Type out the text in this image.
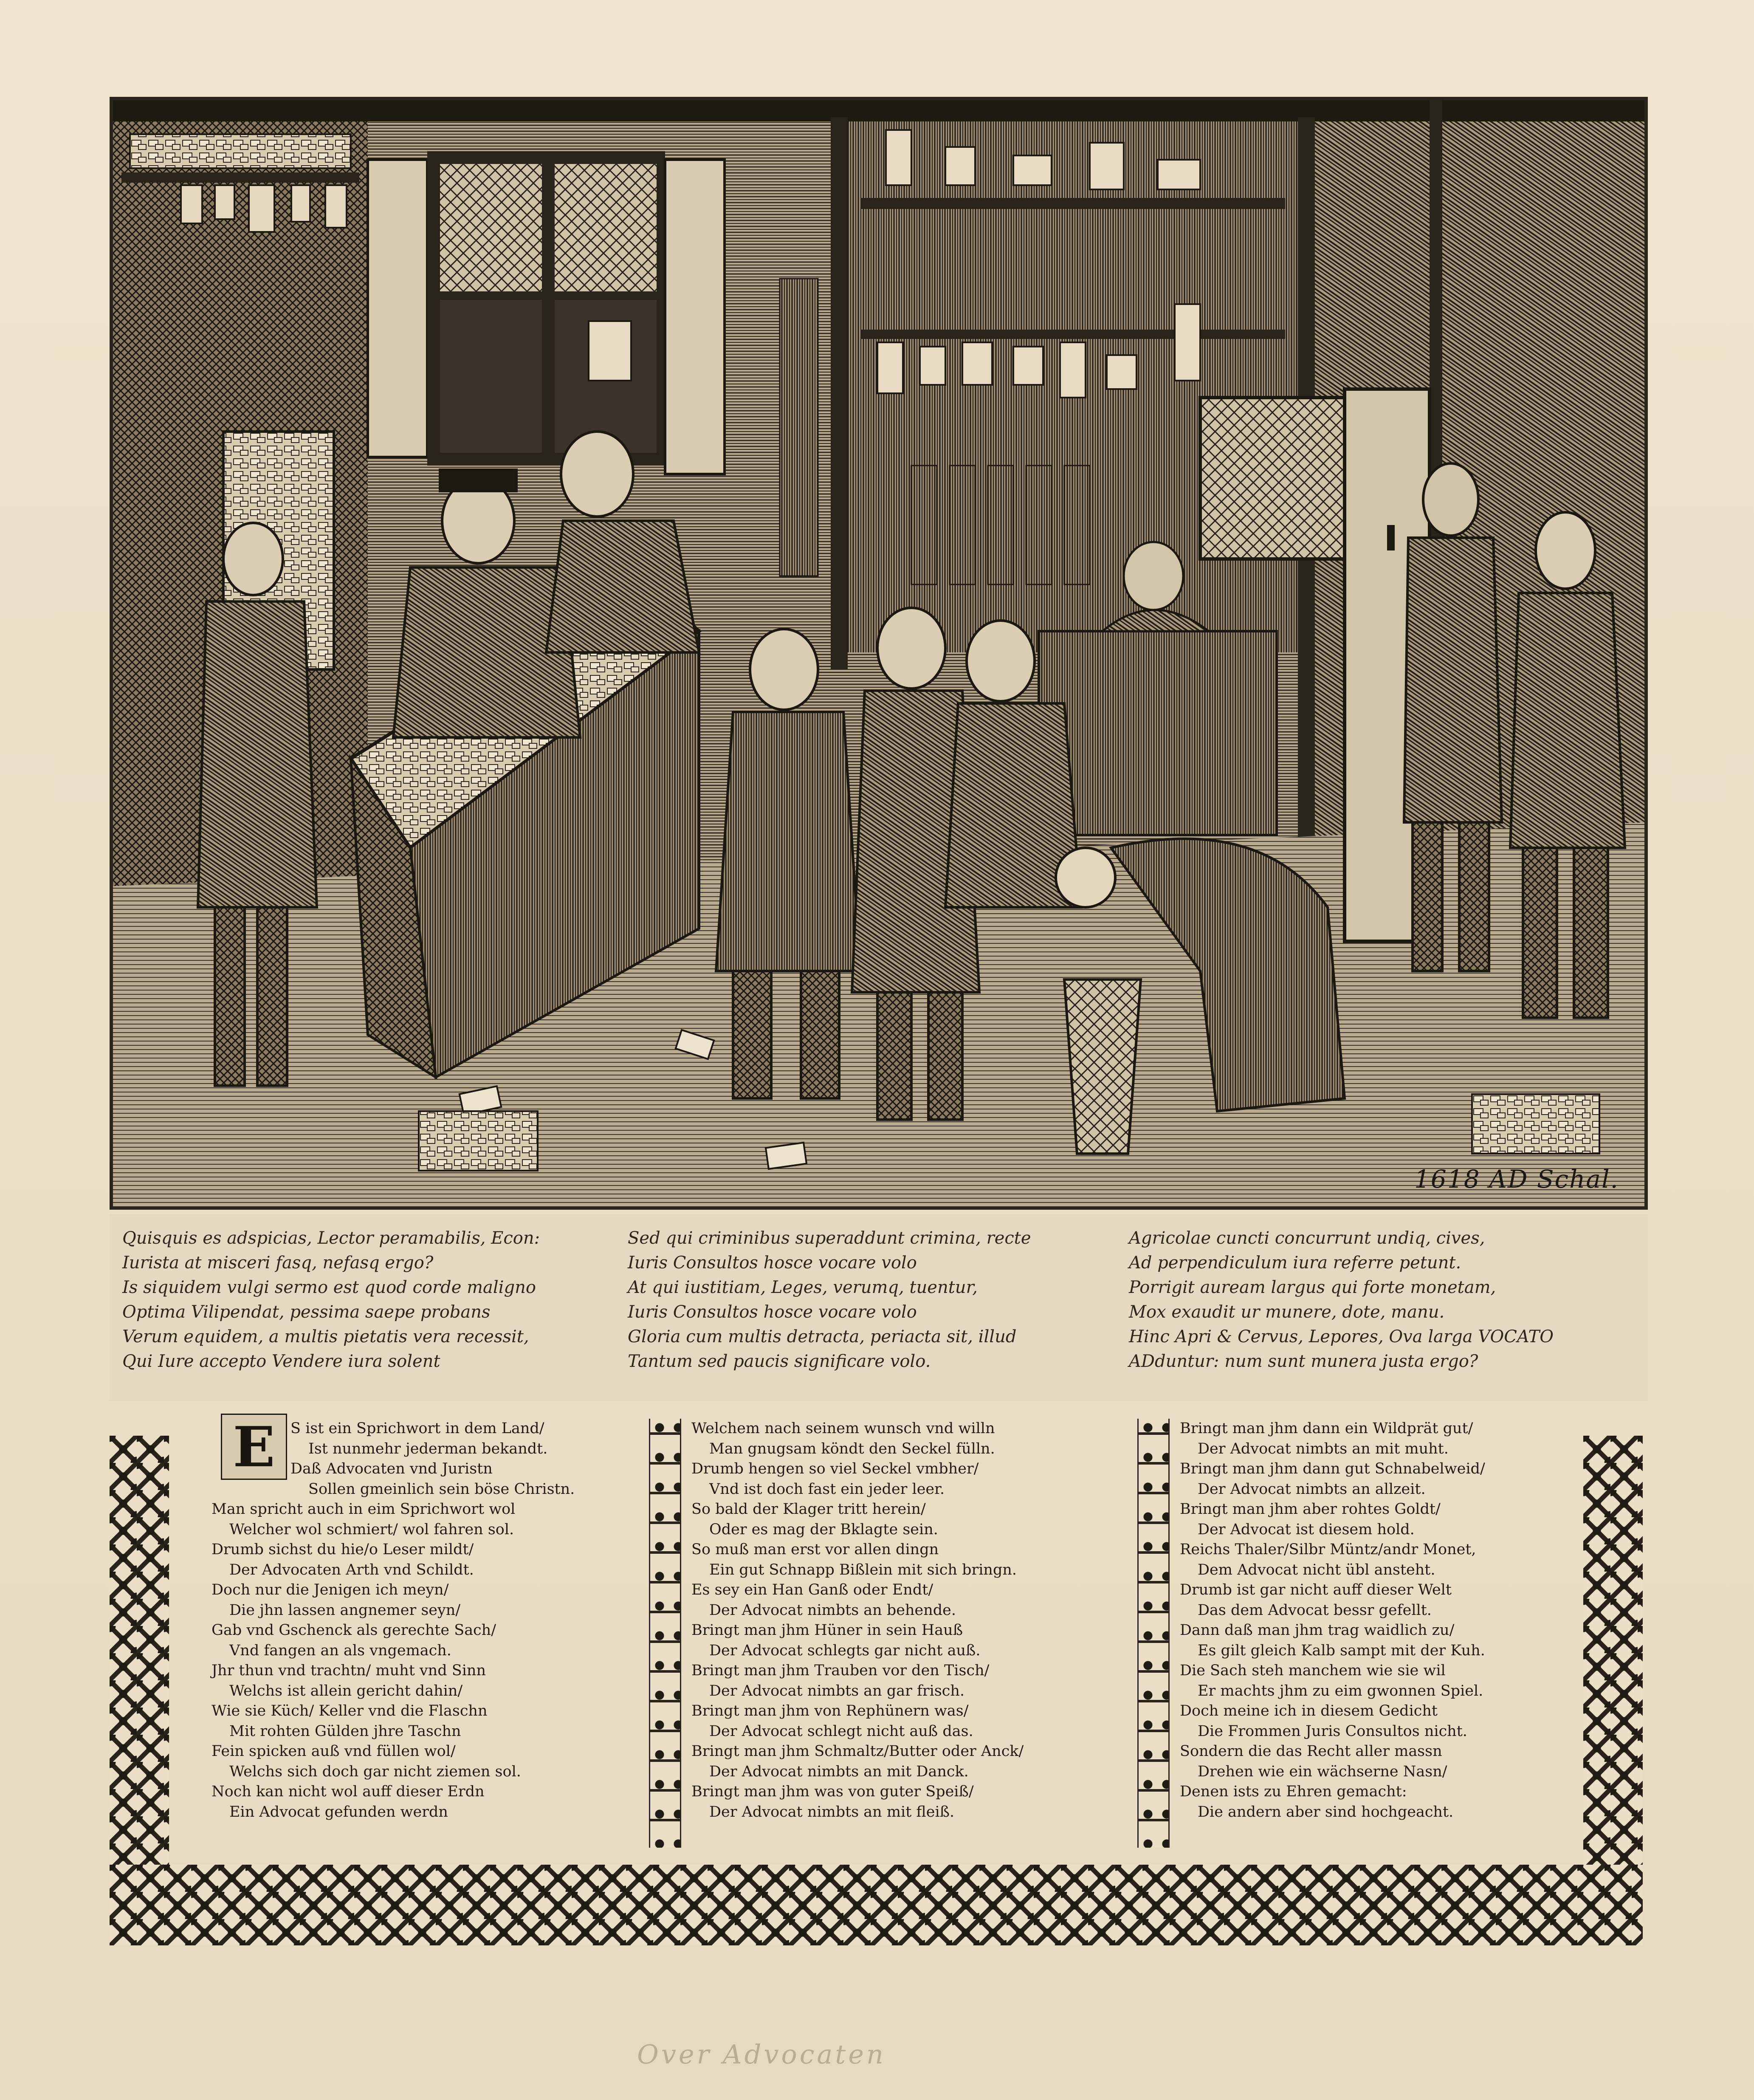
1618 AD Schal.
Quisquis es adspicias, Lector peramabilis, Econ:
Iurista at misceri fasq, nefasq ergo?
Is siquidem vulgi sermo est quod corde maligno
Optima Vilipendat, pessima saepe probans
Verum equidem, a multis pietatis vera recessit,
Qui Iure accepto Vendere iura solent
Sed qui criminibus superaddunt crimina, recte
Iuris Consultos hosce vocare volo
At qui iustitiam, Leges, verumq, tuentur,
Iuris Consultos hosce vocare volo
Gloria cum multis detracta, periacta sit, illud
Tantum sed paucis significare volo.
Agricolae cuncti concurrunt undiq, cives,
Ad perpendiculum iura referre petunt.
Porrigit auream largus qui forte monetam,
Mox exaudit ur munere, dote, manu.
Hinc Apri & Cervus, Lepores, Ova larga VOCATO
ADduntur: num sunt munera justa ergo?
E	S ist ein Sprichwort in dem Land/
Ist nunmehr jederman bekandt.
Daß Advocaten vnd Juristn
Sollen gmeinlich sein böse Christn.
Man spricht auch in eim Sprichwort wol
Welcher wol schmiert/ wol fahren sol.
Drumb sichst du hie/o Leser mildt/
Der Advocaten Arth vnd Schildt.
Doch nur die Jenigen ich meyn/
Die jhn lassen angnemer seyn/
Gab vnd Gschenck als gerechte Sach/
Vnd fangen an als vngemach.
Jhr thun vnd trachtn/ muht vnd Sinn
Welchs ist allein gericht dahin/
Wie sie Küch/ Keller vnd die Flaschn
Mit rohten Gülden jhre Taschn
Fein spicken auß vnd füllen wol/
Welchs sich doch gar nicht ziemen sol.
Noch kan nicht wol auff dieser Erdn
Ein Advocat gefunden werdn
Welchem nach seinem wunsch vnd willn
Man gnugsam köndt den Seckel fülln.
Drumb hengen so viel Seckel vmbher/
Vnd ist doch fast ein jeder leer.
So bald der Klager tritt herein/
Oder es mag der Bklagte sein.
So muß man erst vor allen dingn
Ein gut Schnapp Bißlein mit sich bringn.
Es sey ein Han Ganß oder Endt/
Der Advocat nimbts an behende.
Bringt man jhm Hüner in sein Hauß
Der Advocat schlegts gar nicht auß.
Bringt man jhm Trauben vor den Tisch/
Der Advocat nimbts an gar frisch.
Bringt man jhm von Rephünern was/
Der Advocat schlegt nicht auß das.
Bringt man jhm Schmaltz/Butter oder Anck/
Der Advocat nimbts an mit Danck.
Bringt man jhm was von guter Speiß/
Der Advocat nimbts an mit fleiß.
Bringt man jhm dann ein Wildprät gut/
Der Advocat nimbts an mit muht.
Bringt man jhm dann gut Schnabelweid/
Der Advocat nimbts an allzeit.
Bringt man jhm aber rohtes Goldt/
Der Advocat ist diesem hold.
Reichs Thaler/Silbr Müntz/andr Monet,
Dem Advocat nicht übl ansteht.
Drumb ist gar nicht auff dieser Welt
Das dem Advocat bessr gefellt.
Dann daß man jhm trag waidlich zu/
Es gilt gleich Kalb sampt mit der Kuh.
Die Sach steh manchem wie sie wil
Er machts jhm zu eim gwonnen Spiel.
Doch meine ich in diesem Gedicht
Die Frommen Juris Consultos nicht.
Sondern die das Recht aller massn
Drehen wie ein wächserne Nasn/
Denen ists zu Ehren gemacht:
Die andern aber sind hochgeacht.
Over Advocaten
